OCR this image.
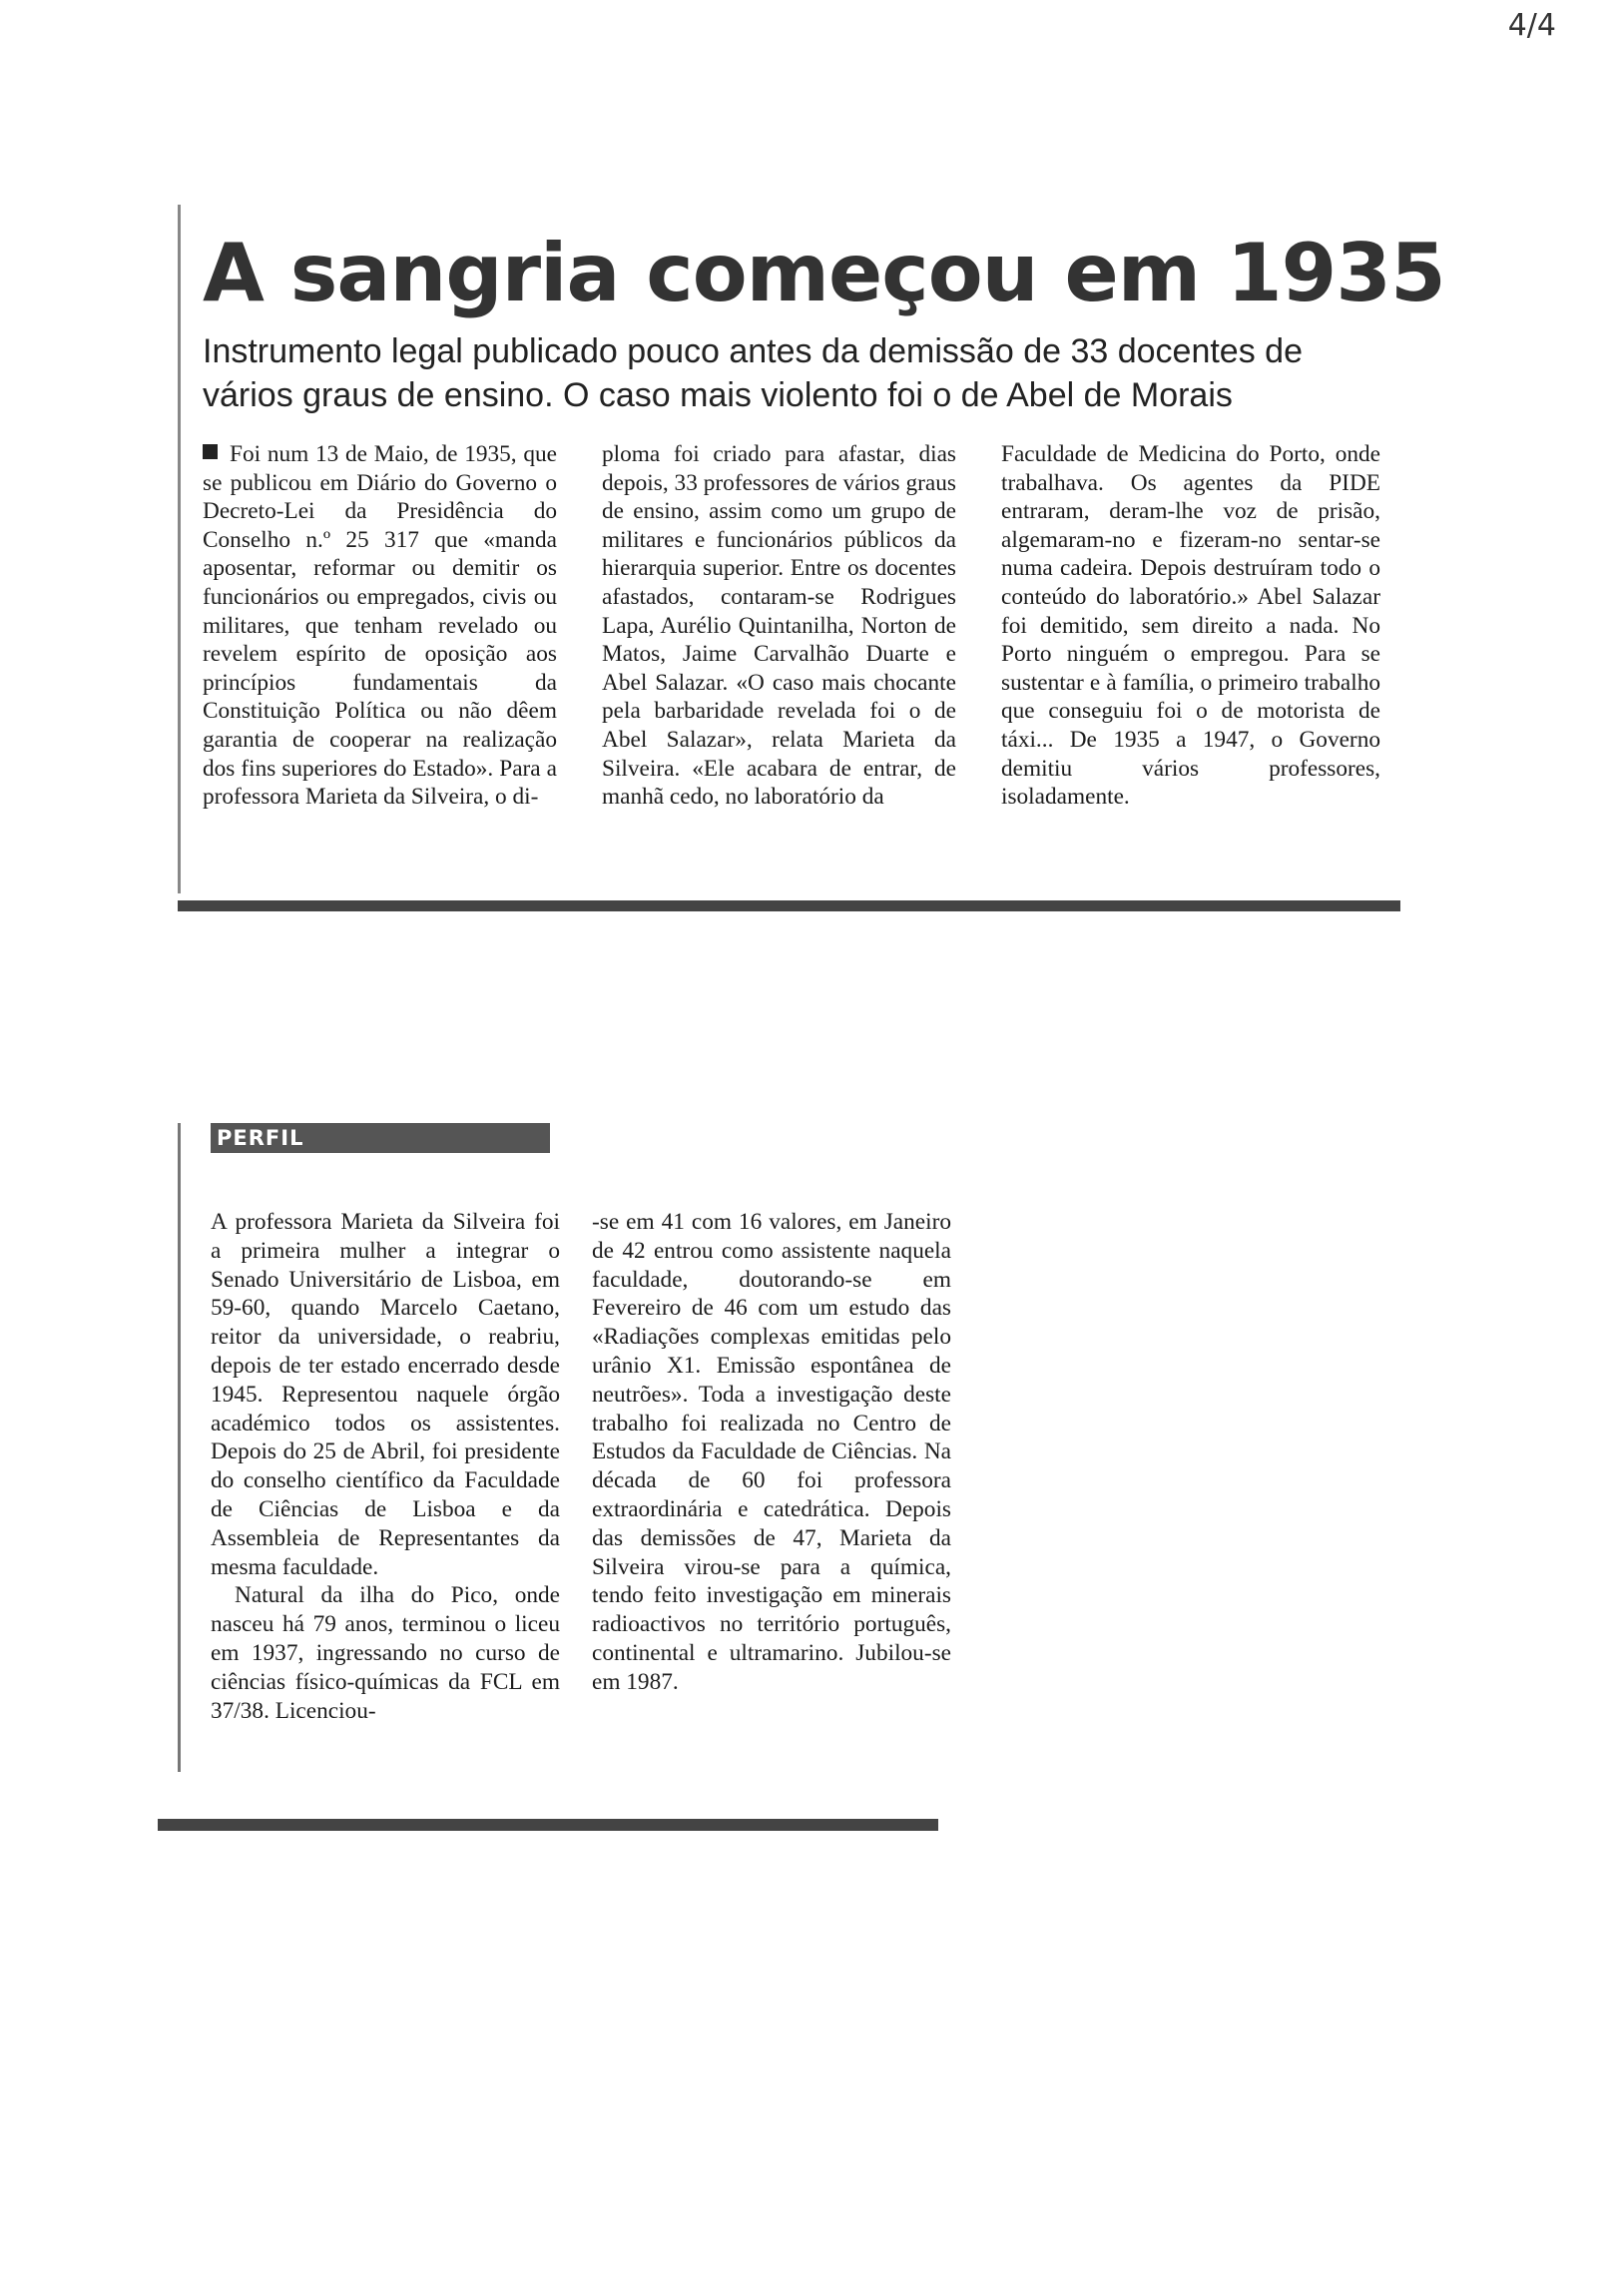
4/4
A sangria começou em 1935

Instrumento legal publicado pouco antes da demissão de 33 docentes de vários graus de ensino. O caso mais violento foi o de Abel de Morais

Foi num 13 de Maio, de 1935, que se publicou em Diário do Governo o Decreto-Lei da Presidência do Conselho n.º 25 317 que «manda aposentar, reformar ou demitir os funcionários ou empregados, civis ou militares, que tenham revelado ou revelem espírito de oposição aos princípios fundamentais da Constituição Política ou não dêem garantia de cooperar na realização dos fins superiores do Estado». Para a professora Marieta da Silveira, o di-
ploma foi criado para afastar, dias depois, 33 professores de vários graus de ensino, assim como um grupo de militares e funcionários públicos da hierarquia superior. Entre os docentes afastados, contaram-se Rodrigues Lapa, Aurélio Quintanilha, Norton de Matos, Jaime Carvalhão Duarte e Abel Salazar. «O caso mais chocante pela barbaridade revelada foi o de Abel Salazar», relata Marieta da Silveira. «Ele acabara de entrar, de manhã cedo, no laboratório da
Faculdade de Medicina do Porto, onde trabalhava. Os agentes da PIDE entraram, deram-lhe voz de prisão, algemaram-no e fizeram-no sentar-se numa cadeira. Depois destruíram todo o conteúdo do laboratório.» Abel Salazar foi demitido, sem direito a nada. No Porto ninguém o empregou. Para se sustentar e à família, o primeiro trabalho que conseguiu foi o de motorista de táxi... De 1935 a 1947, o Governo demitiu vários professores, isoladamente.
PERFIL

A professora Marieta da Silveira foi a primeira mulher a integrar o Senado Universitário de Lisboa, em 59-60, quando Marcelo Caetano, reitor da universidade, o reabriu, depois de ter estado encerrado desde 1945. Representou naquele órgão académico todos os assistentes. Depois do 25 de Abril, foi presidente do conselho científico da Faculdade de Ciências de Lisboa e da Assembleia de Representantes da mesma faculdade.

Natural da ilha do Pico, onde nasceu há 79 anos, terminou o liceu em 1937, ingressando no curso de ciências físico-químicas da FCL em 37/38. Licenciou-

-se em 41 com 16 valores, em Janeiro de 42 entrou como assistente naquela faculdade, doutorando-se em Fevereiro de 46 com um estudo das «Radiações complexas emitidas pelo urânio X1. Emissão espontânea de neutrões». Toda a investigação deste trabalho foi realizada no Centro de Estudos da Faculdade de Ciências. Na década de 60 foi professora extraordinária e catedrática. Depois das demissões de 47, Marieta da Silveira virou-se para a química, tendo feito investigação em minerais radioactivos no território português, continental e ultramarino. Jubilou-se em 1987.
